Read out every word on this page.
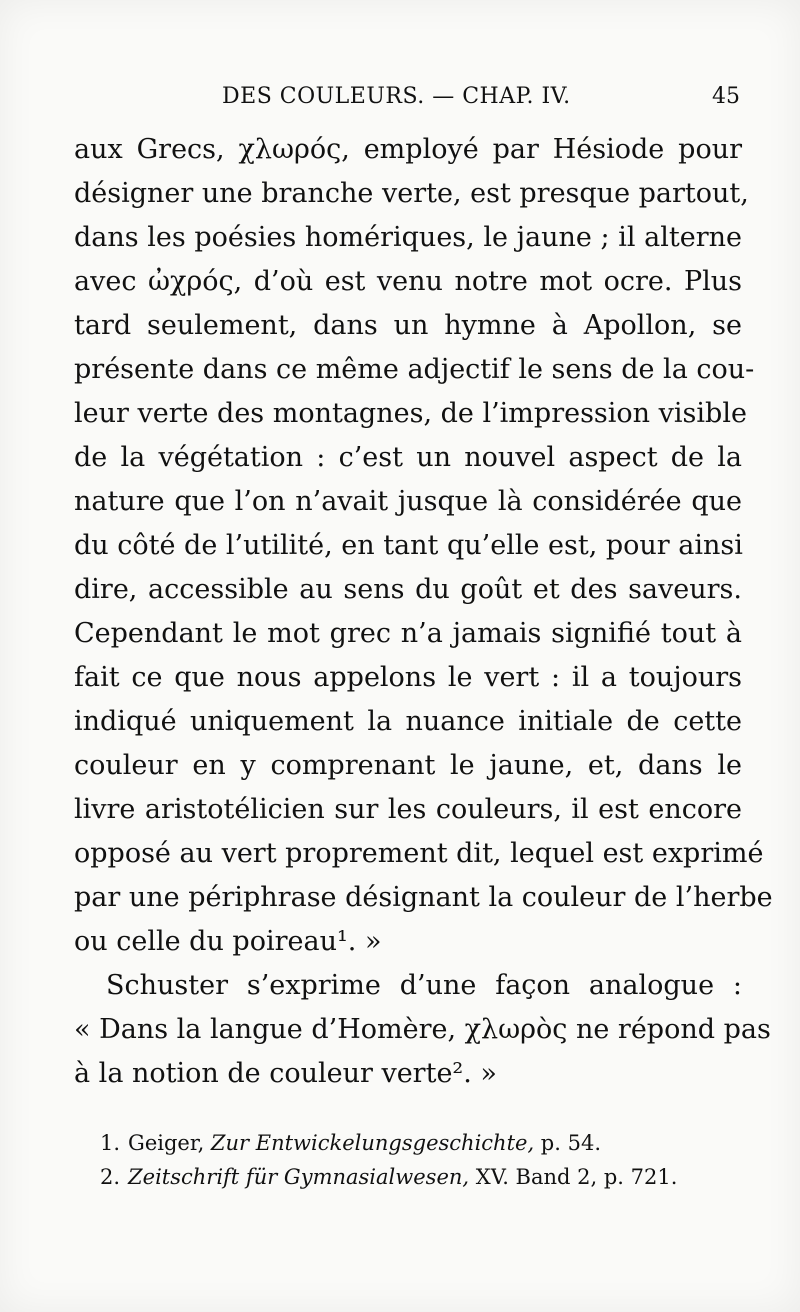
DES COULEURS. — CHAP. IV.	45
aux Grecs, χλωρός, employé par Hésiode pour
désigner une branche verte, est presque partout,
dans les poésies homériques, le jaune ; il alterne
avec ὠχρός, d’où est venu notre mot ocre. Plus
tard seulement, dans un hymne à Apollon, se
présente dans ce même adjectif le sens de la cou-
leur verte des montagnes, de l’impression visible
de la végétation : c’est un nouvel aspect de la
nature que l’on n’avait jusque là considérée que
du côté de l’utilité, en tant qu’elle est, pour ainsi
dire, accessible au sens du goût et des saveurs.
Cependant le mot grec n’a jamais signifié tout à
fait ce que nous appelons le vert : il a toujours
indiqué uniquement la nuance initiale de cette
couleur en y comprenant le jaune, et, dans le
livre aristotélicien sur les couleurs, il est encore
opposé au vert proprement dit, lequel est exprimé
par une périphrase désignant la couleur de l’herbe
ou celle du poireau¹. »
Schuster s’exprime d’une façon analogue :
« Dans la langue d’Homère, χλωρὸς ne répond pas
à la notion de couleur verte². »
1. Geiger, Zur Entwickelungsgeschichte, p. 54.
2. Zeitschrift für Gymnasialwesen, XV. Band 2, p. 721.
